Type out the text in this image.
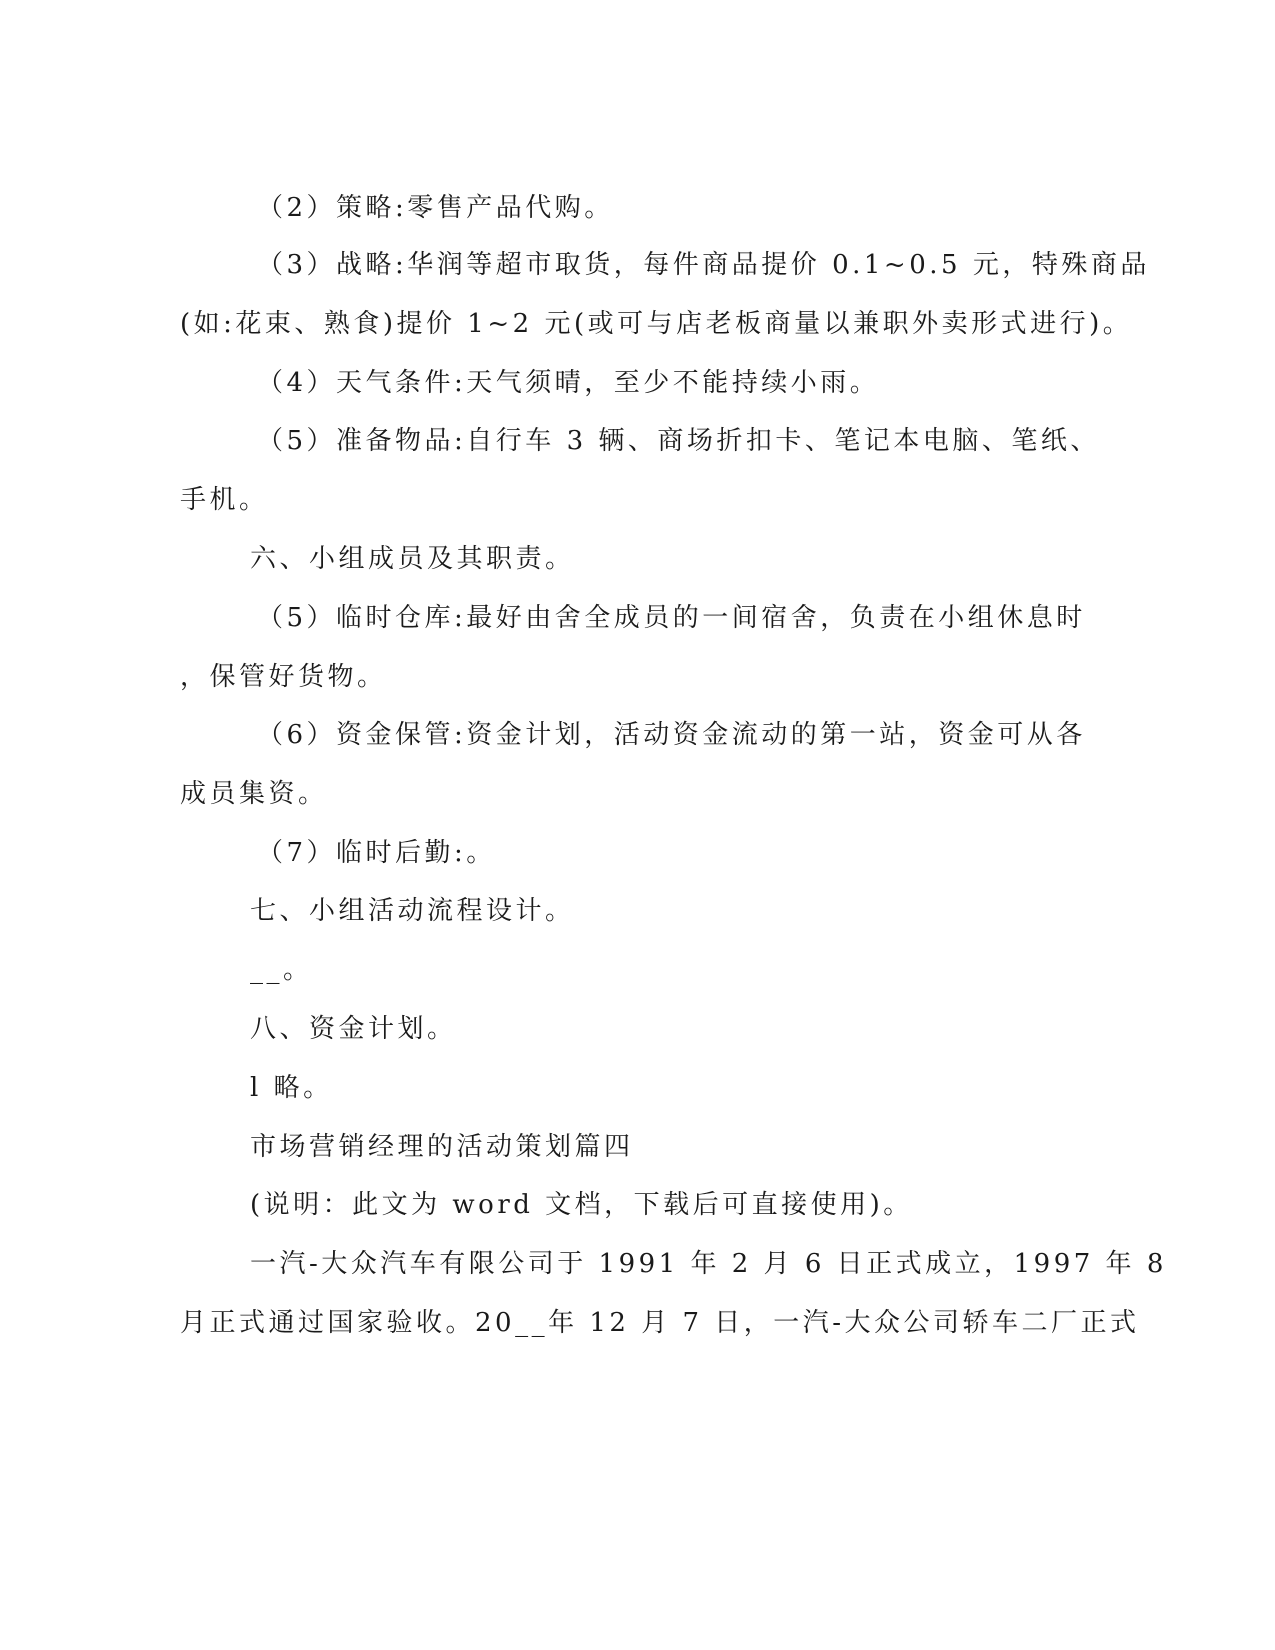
（2）策略:零售产品代购。

（3）战略:华润等超市取货，每件商品提价 0.1~0.5 元，特殊商品

(如:花束、熟食)提价 1~2 元(或可与店老板商量以兼职外卖形式进行)。

（4）天气条件:天气须晴，至少不能持续小雨。

（5）准备物品:自行车 3 辆、商场折扣卡、笔记本电脑、笔纸、

手机。

六、小组成员及其职责。

（5）临时仓库:最好由舍全成员的一间宿舍，负责在小组休息时

，保管好货物。

（6）资金保管:资金计划，活动资金流动的第一站，资金可从各

成员集资。

（7）临时后勤:。

七、小组活动流程设计。

__。

八、资金计划。

l 略。

市场营销经理的活动策划篇四

(说明：此文为 word 文档，下载后可直接使用)。

一汽-大众汽车有限公司于 1991 年 2 月 6 日正式成立，1997 年 8

月正式通过国家验收。20__年 12 月 7 日，一汽-大众公司轿车二厂正式
